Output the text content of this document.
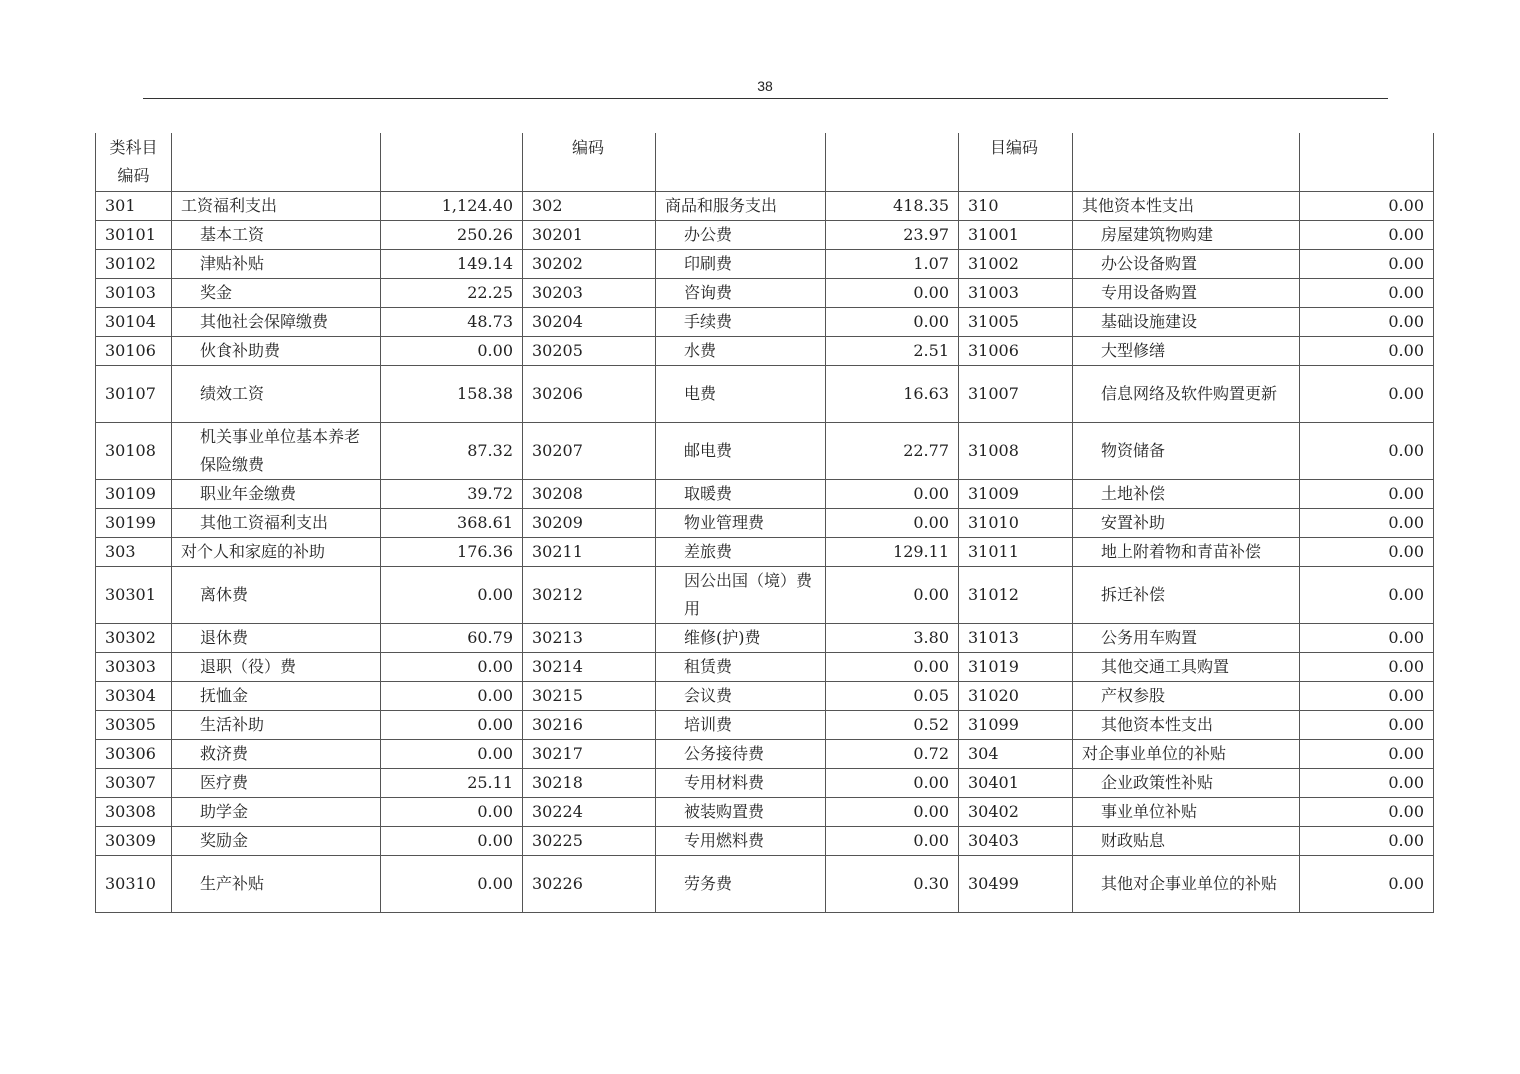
38
类科目编码			编码			目编码		

301	工资福利支出	1,124.40	302	商品和服务支出	418.35	310	其他资本性支出	0.00
30101	基本工资	250.26	30201	办公费	23.97	31001	房屋建筑物购建	0.00
30102	津贴补贴	149.14	30202	印刷费	1.07	31002	办公设备购置	0.00
30103	奖金	22.25	30203	咨询费	0.00	31003	专用设备购置	0.00
30104	其他社会保障缴费	48.73	30204	手续费	0.00	31005	基础设施建设	0.00
30106	伙食补助费	0.00	30205	水费	2.51	31006	大型修缮	0.00
30107	绩效工资	158.38	30206	电费	16.63	31007	信息网络及软件购置更新	0.00
30108	机关事业单位基本养老保险缴费	87.32	30207	邮电费	22.77	31008	物资储备	0.00
30109	职业年金缴费	39.72	30208	取暖费	0.00	31009	土地补偿	0.00
30199	其他工资福利支出	368.61	30209	物业管理费	0.00	31010	安置补助	0.00
303	对个人和家庭的补助	176.36	30211	差旅费	129.11	31011	地上附着物和青苗补偿	0.00
30301	离休费	0.00	30212	因公出国（境）费用	0.00	31012	拆迁补偿	0.00
30302	退休费	60.79	30213	维修(护)费	3.80	31013	公务用车购置	0.00
30303	退职（役）费	0.00	30214	租赁费	0.00	31019	其他交通工具购置	0.00
30304	抚恤金	0.00	30215	会议费	0.05	31020	产权参股	0.00
30305	生活补助	0.00	30216	培训费	0.52	31099	其他资本性支出	0.00
30306	救济费	0.00	30217	公务接待费	0.72	304	对企事业单位的补贴	0.00
30307	医疗费	25.11	30218	专用材料费	0.00	30401	企业政策性补贴	0.00
30308	助学金	0.00	30224	被装购置费	0.00	30402	事业单位补贴	0.00
30309	奖励金	0.00	30225	专用燃料费	0.00	30403	财政贴息	0.00
30310	生产补贴	0.00	30226	劳务费	0.30	30499	其他对企事业单位的补贴	0.00
